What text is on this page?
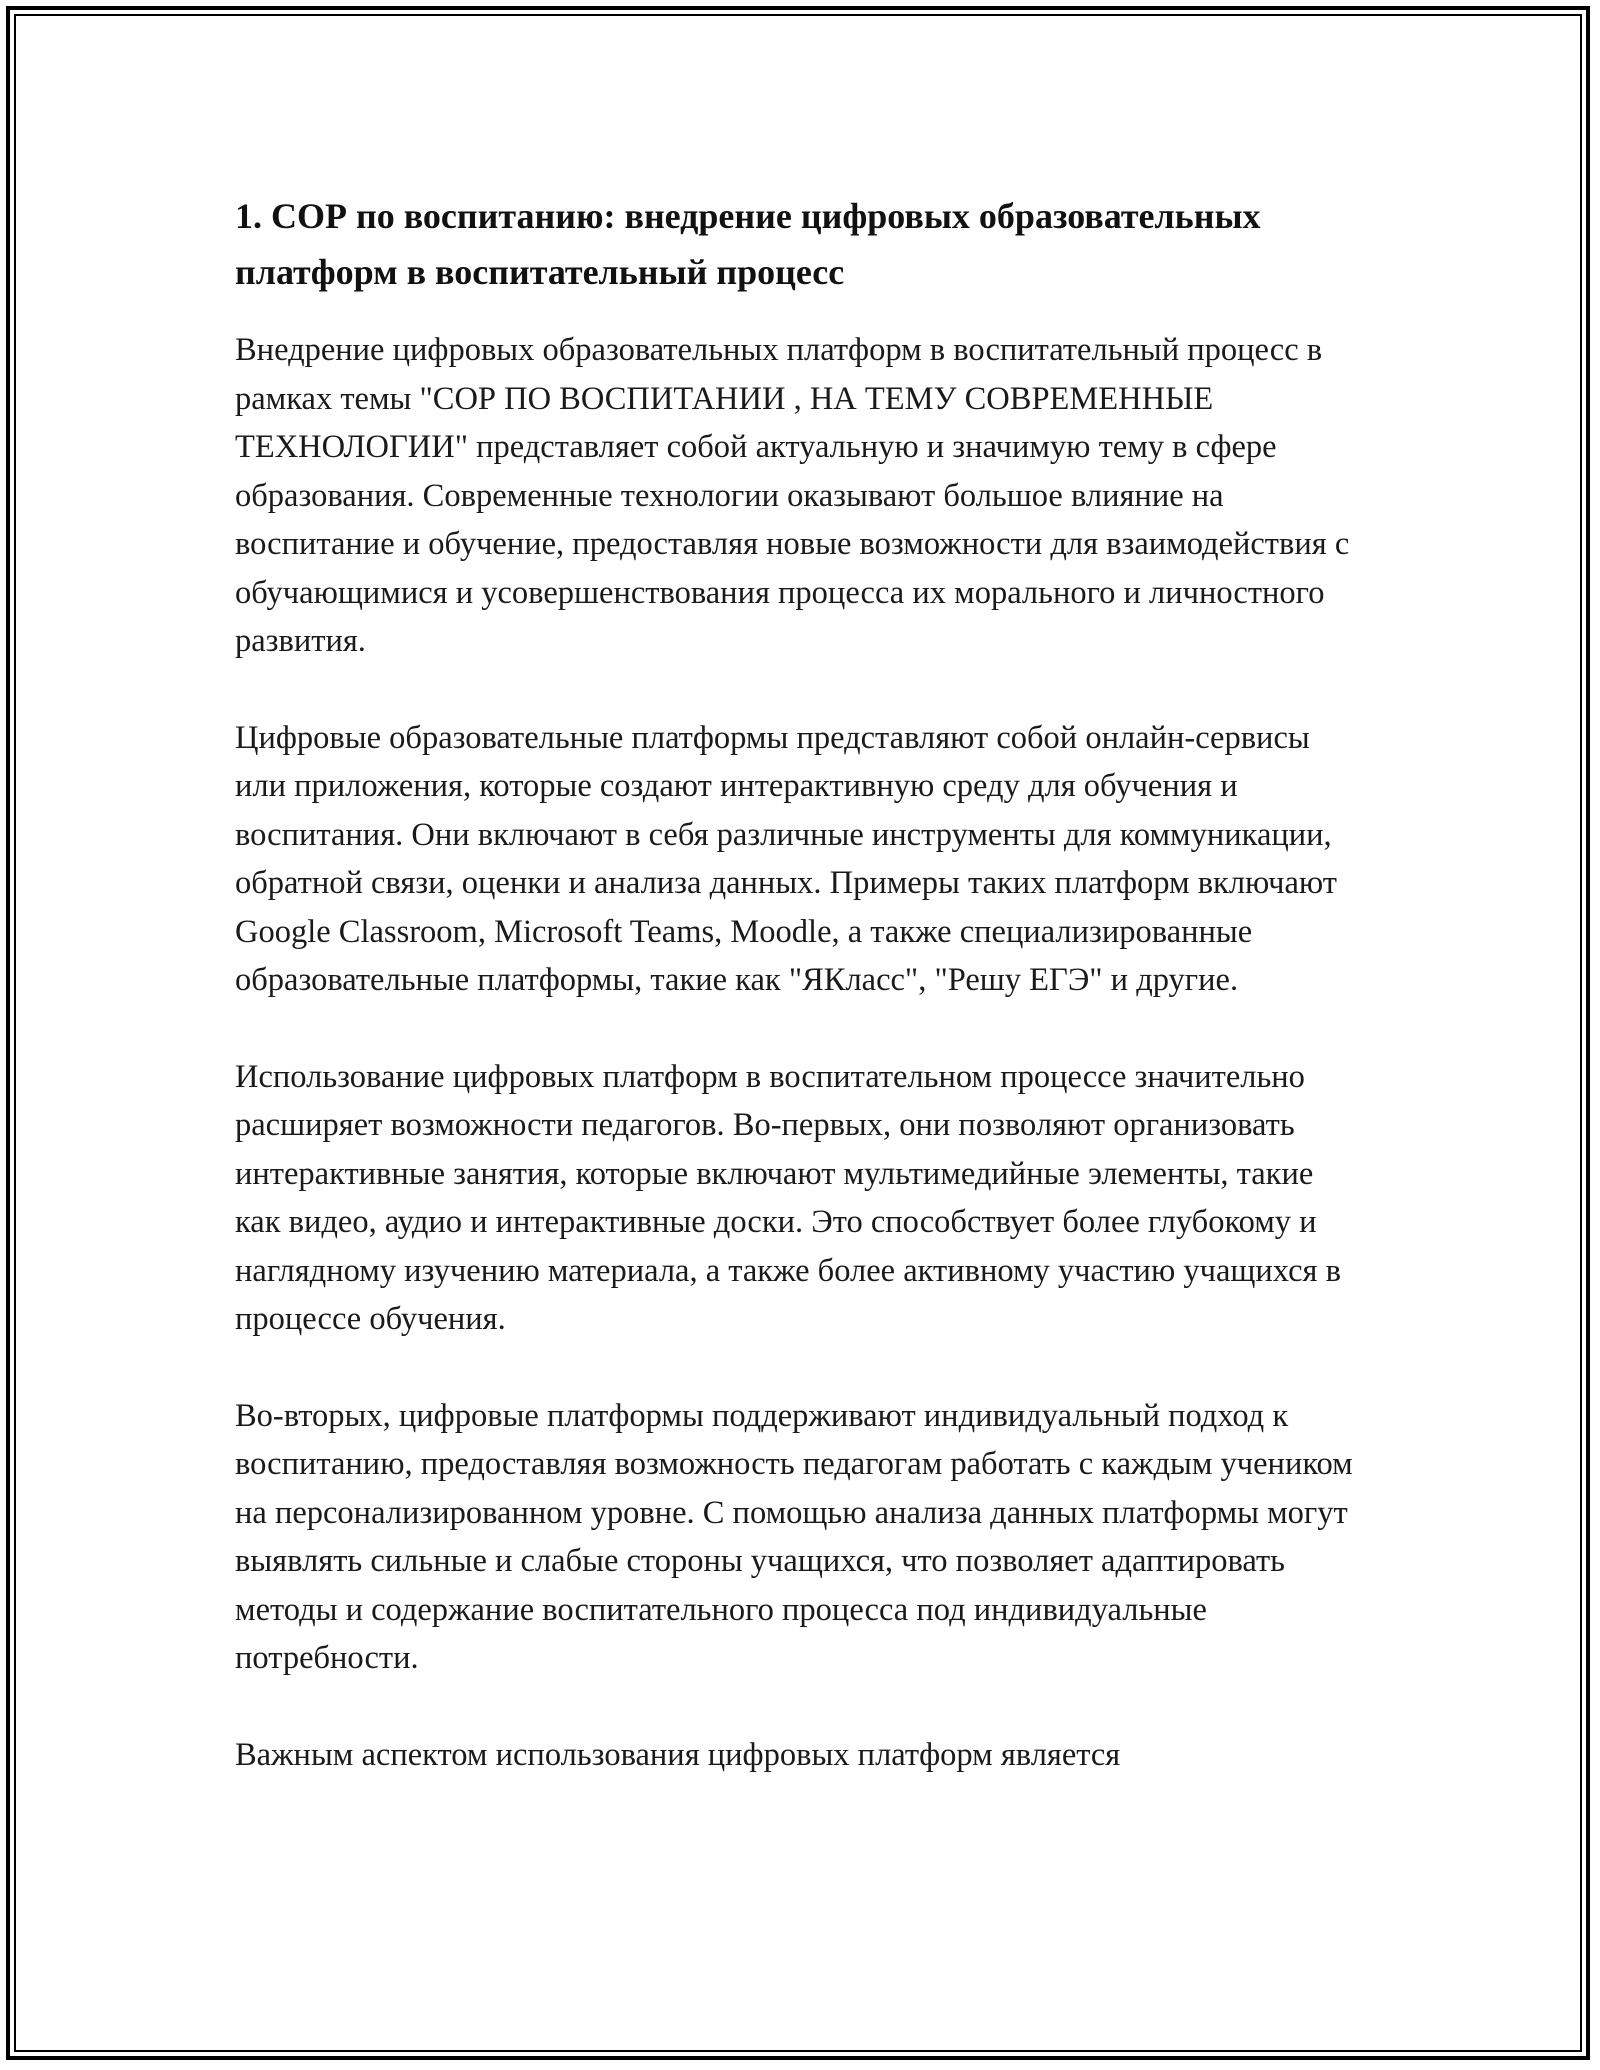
1. СОР по воспитанию: внедрение цифровых образовательных платформ в воспитательный процесс

Внедрение цифровых образовательных платформ в воспитательный процесс в рамках темы "СОР ПО ВОСПИТАНИИ , НА ТЕМУ СОВРЕМЕННЫЕ ТЕХНОЛОГИИ" представляет собой актуальную и значимую тему в сфере образования. Современные технологии оказывают большое влияние на воспитание и обучение, предоставляя новые возможности для взаимодействия с обучающимися и усовершенствования процесса их морального и личностного развития.

Цифровые образовательные платформы представляют собой онлайн-сервисы или приложения, которые создают интерактивную среду для обучения и воспитания. Они включают в себя различные инструменты для коммуникации, обратной связи, оценки и анализа данных. Примеры таких платформ включают Google Classroom, Microsoft Teams, Moodle, а также специализированные образовательные платформы, такие как "ЯКласс", "Решу ЕГЭ" и другие.

Использование цифровых платформ в воспитательном процессе значительно расширяет возможности педагогов. Во-первых, они позволяют организовать интерактивные занятия, которые включают мультимедийные элементы, такие как видео, аудио и интерактивные доски. Это способствует более глубокому и наглядному изучению материала, а также более активному участию учащихся в процессе обучения.

Во-вторых, цифровые платформы поддерживают индивидуальный подход к воспитанию, предоставляя возможность педагогам работать с каждым учеником на персонализированном уровне. С помощью анализа данных платформы могут выявлять сильные и слабые стороны учащихся, что позволяет адаптировать методы и содержание воспитательного процесса под индивидуальные потребности.

Важным аспектом использования цифровых платформ является
